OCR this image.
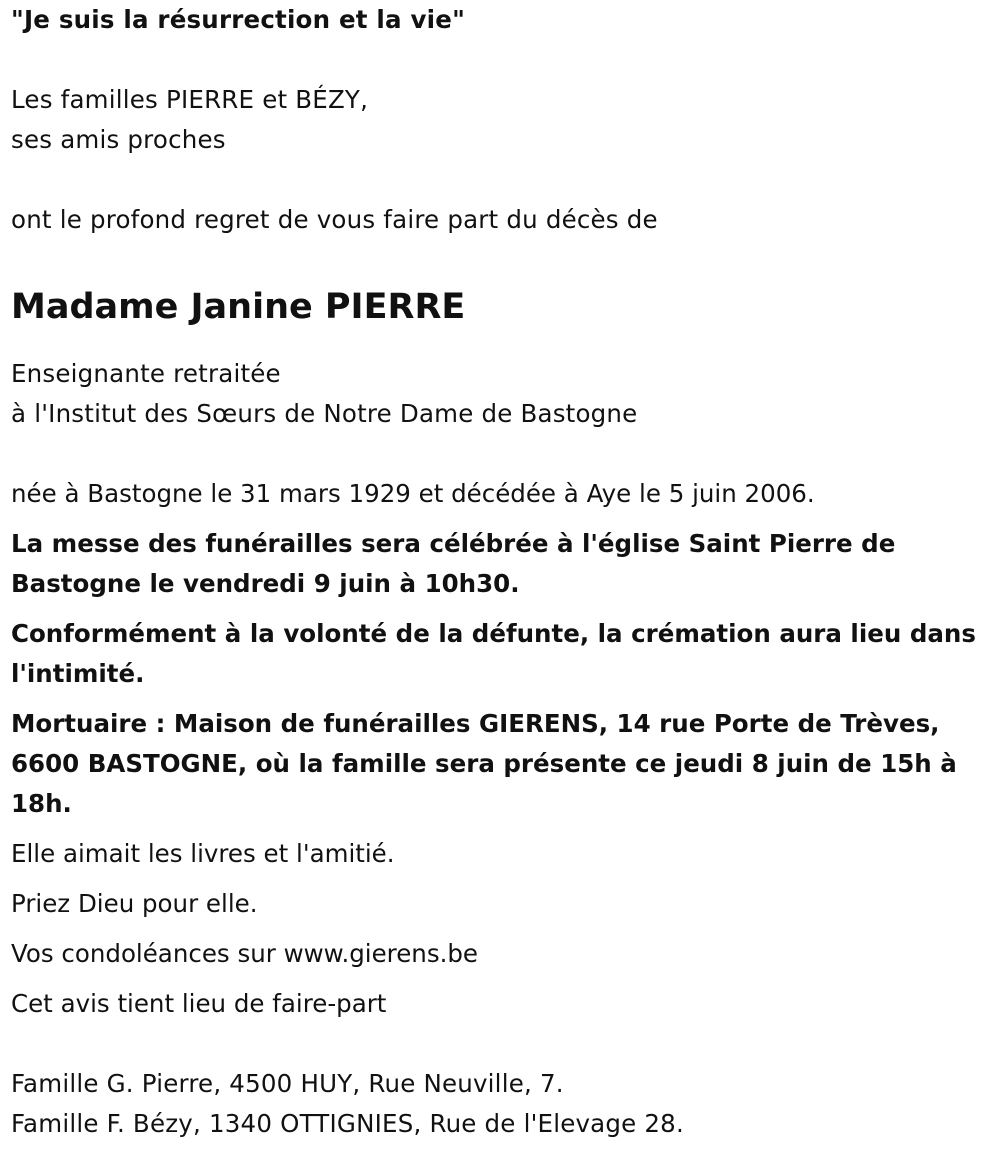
"Je suis la résurrection et la vie"
Les familles PIERRE et BÉZY,
ses amis proches
ont le profond regret de vous faire part du décès de
Madame Janine PIERRE
Enseignante retraitée
à l'Institut des Sœurs de Notre Dame de Bastogne
née à Bastogne le 31 mars 1929 et décédée à Aye le 5 juin 2006.
La messe des funérailles sera célébrée à l'église Saint Pierre de
Bastogne le vendredi 9 juin à 10h30.
Conformément à la volonté de la défunte, la crémation aura lieu dans
l'intimité.
Mortuaire : Maison de funérailles GIERENS, 14 rue Porte de Trèves,
6600 BASTOGNE, où la famille sera présente ce jeudi 8 juin de 15h à
18h.
Elle aimait les livres et l'amitié.
Priez Dieu pour elle.
Vos condoléances sur www.gierens.be
Cet avis tient lieu de faire-part
Famille G. Pierre, 4500 HUY, Rue Neuville, 7.
Famille F. Bézy, 1340 OTTIGNIES, Rue de l'Elevage 28.
